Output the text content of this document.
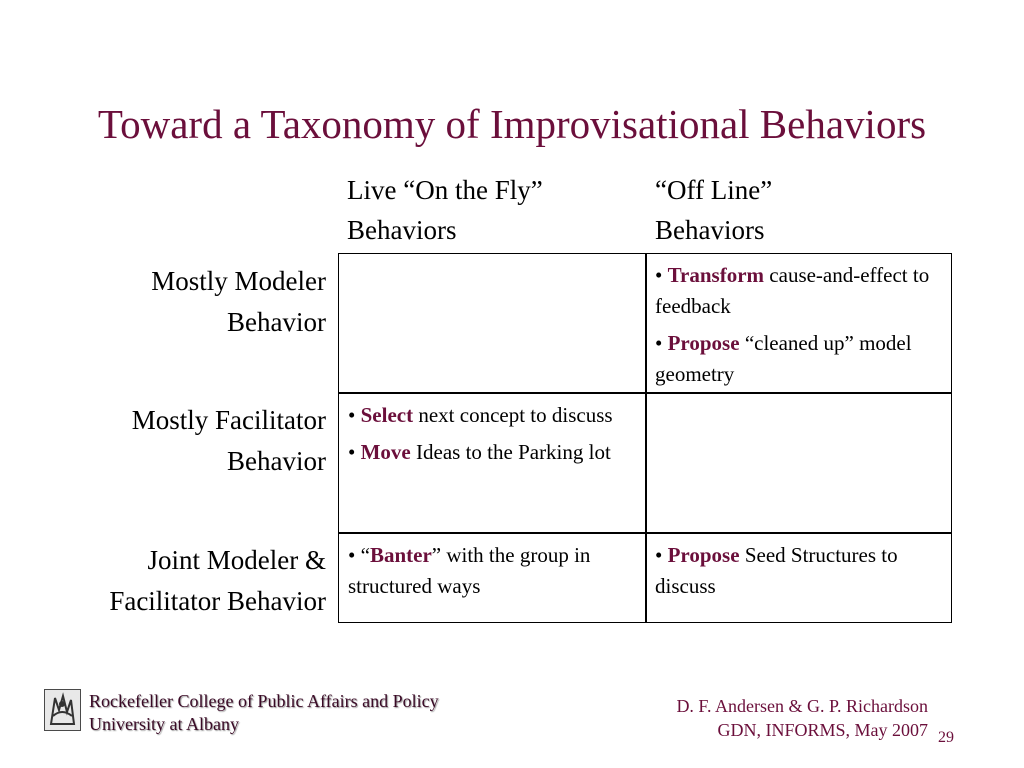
Toward a Taxonomy of Improvisational Behaviors
Live “On the Fly”
Behaviors
“Off Line”
Behaviors
Mostly Modeler
Behavior
Mostly Facilitator
Behavior
Joint Modeler &
Facilitator Behavior
• Transform cause-and-effect to feedback
• Propose “cleaned up” model geometry
• Select next concept to discuss
• Move Ideas to the Parking lot
• “Banter” with the group in structured ways
• Propose Seed Structures to discuss
Rockefeller College of Public Affairs and Policy
University at Albany
D. F. Andersen & G. P. Richardson
GDN, INFORMS, May 2007 29
